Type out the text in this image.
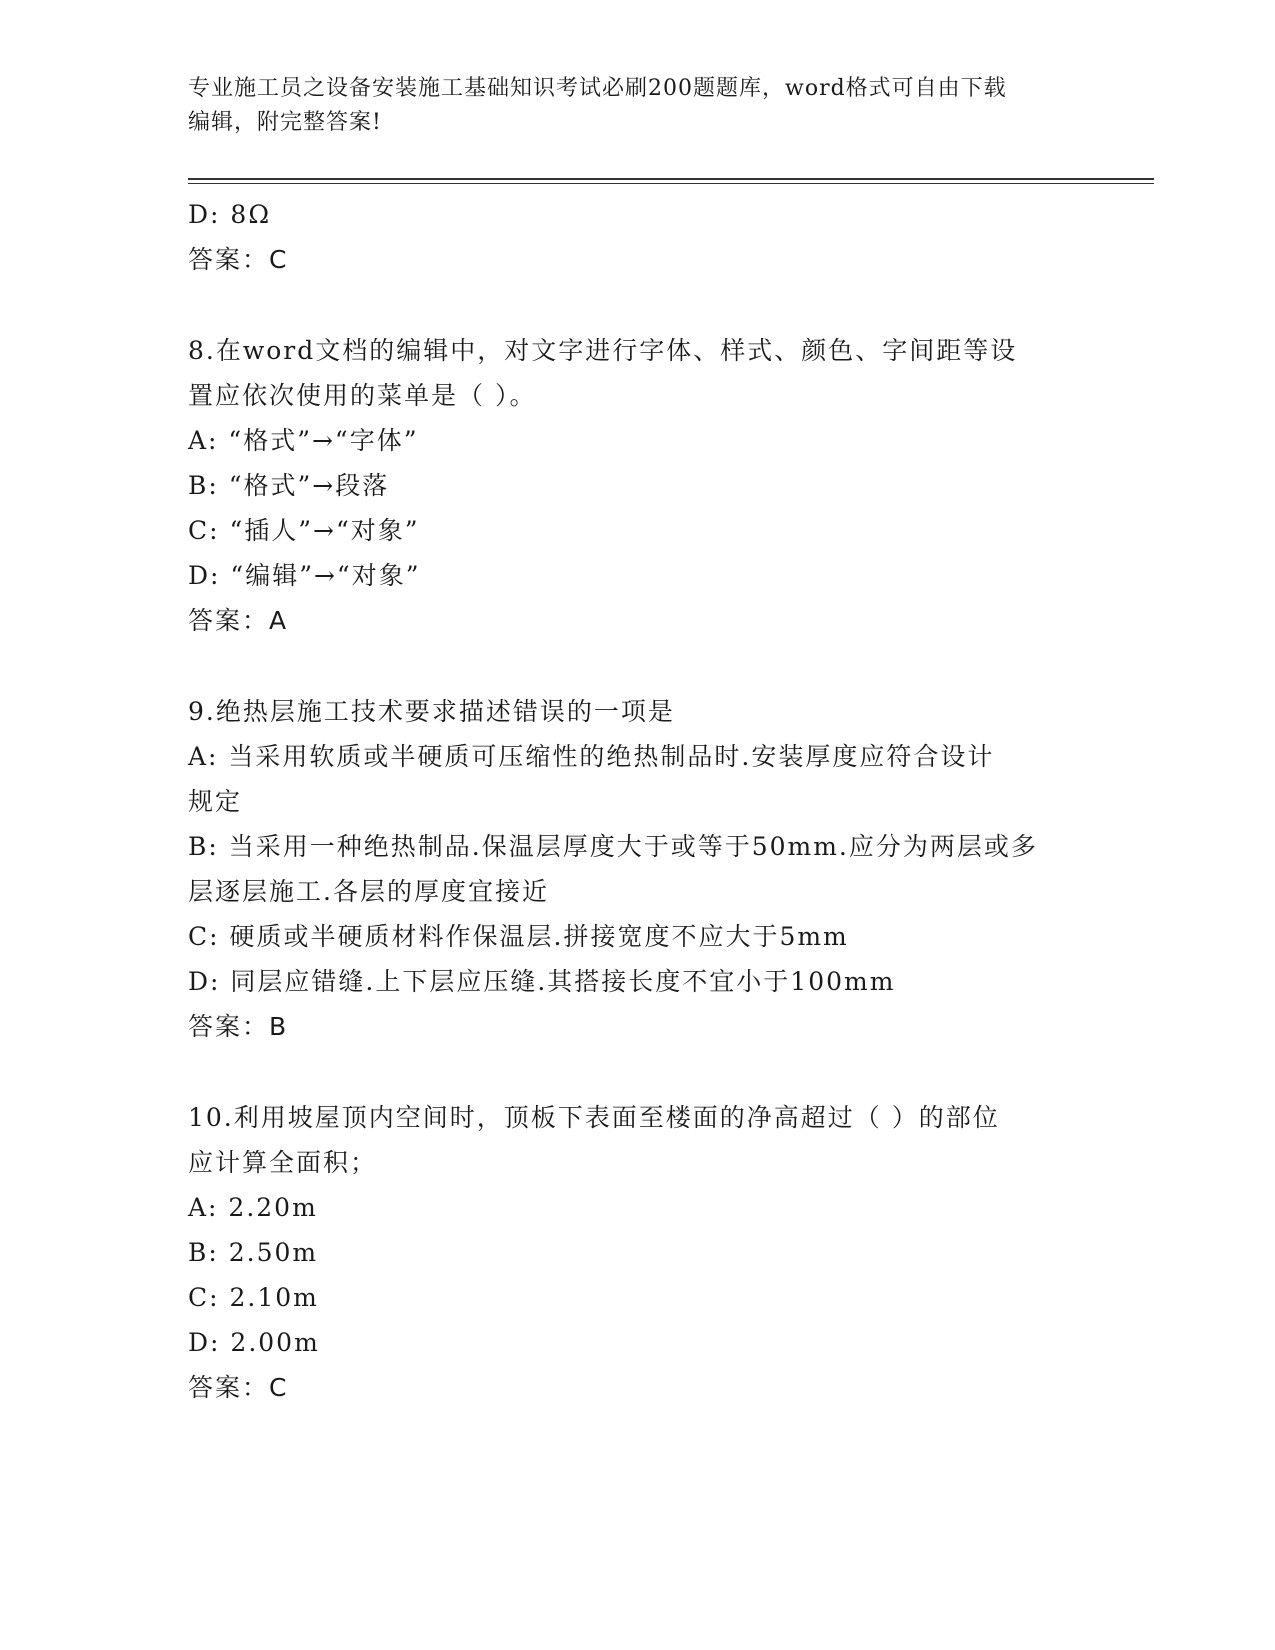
专业施工员之设备安装施工基础知识考试必刷200题题库，word格式可自由下载
编辑，附完整答案!
D: 8Ω
答案：C
8.在word文档的编辑中，对文字进行字体、样式、颜色、字间距等设
置应依次使用的菜单是（ ）。
A: “格式”→“字体”
B: “格式”→段落
C: “插人”→“对象”
D: “编辑”→“对象”
答案：A
9.绝热层施工技术要求描述错误的一项是
A: 当采用软质或半硬质可压缩性的绝热制品时.安装厚度应符合设计
规定
B: 当采用一种绝热制品.保温层厚度大于或等于50mm.应分为两层或多
层逐层施工.各层的厚度宜接近
C: 硬质或半硬质材料作保温层.拼接宽度不应大于5mm
D: 同层应错缝.上下层应压缝.其搭接长度不宜小于100mm
答案：B
10.利用坡屋顶内空间时，顶板下表面至楼面的净高超过（ ）的部位
应计算全面积；
A: 2.20m
B: 2.50m
C: 2.10m
D: 2.00m
答案：C
